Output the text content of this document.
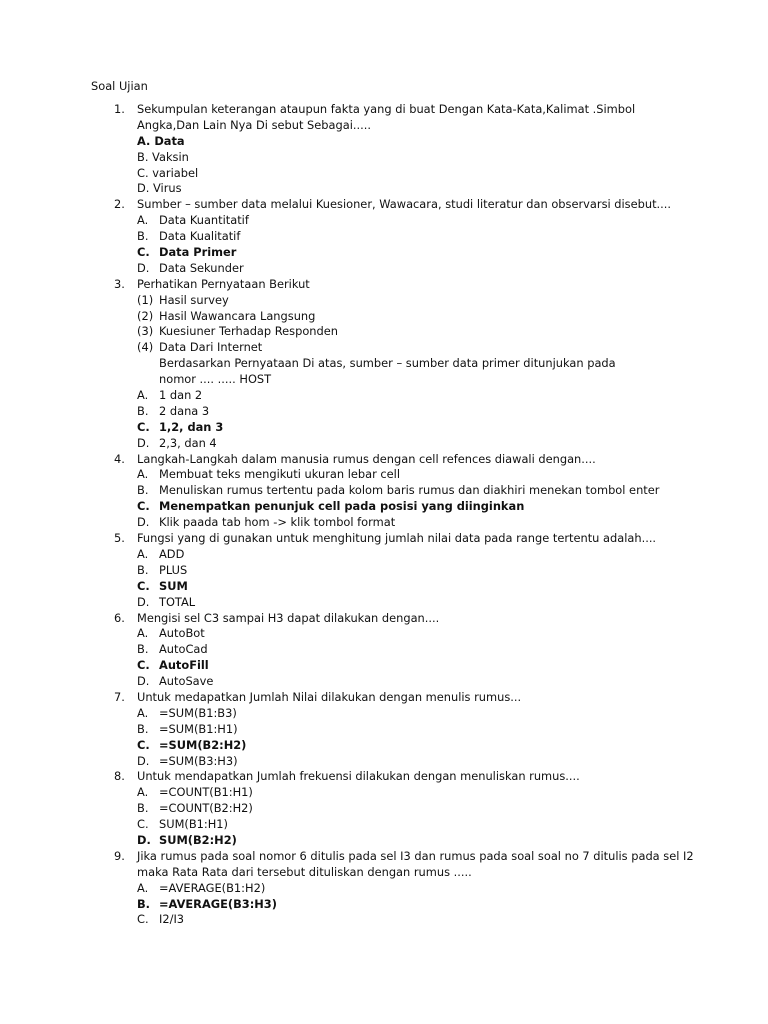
Soal Ujian
1. Sekumpulan keterangan ataupun fakta yang di buat Dengan Kata-Kata,Kalimat .Simbol
Angka,Dan Lain Nya Di sebut Sebagai.....
A. Data
B. Vaksin
C. variabel
D. Virus
2. Sumber – sumber data melalui Kuesioner, Wawacara, studi literatur dan observarsi disebut....
A. Data Kuantitatif
B. Data Kualitatif
C. Data Primer
D. Data Sekunder
3. Perhatikan Pernyataan Berikut
(1) Hasil survey
(2) Hasil Wawancara Langsung
(3) Kuesiuner Terhadap Responden
(4) Data Dari Internet
Berdasarkan Pernyataan Di atas, sumber – sumber data primer ditunjukan pada
nomor .... ..... HOST
A. 1 dan 2
B. 2 dana 3
C. 1,2, dan 3
D. 2,3, dan 4
4. Langkah-Langkah dalam manusia rumus dengan cell refences diawali dengan....
A. Membuat teks mengikuti ukuran lebar cell
B. Menuliskan rumus tertentu pada kolom baris rumus dan diakhiri menekan tombol enter
C. Menempatkan penunjuk cell pada posisi yang diinginkan
D. Klik paada tab hom -> klik tombol format
5. Fungsi yang di gunakan untuk menghitung jumlah nilai data pada range tertentu adalah....
A. ADD
B. PLUS
C. SUM
D. TOTAL
6. Mengisi sel C3 sampai H3 dapat dilakukan dengan....
A. AutoBot
B. AutoCad
C. AutoFill
D. AutoSave
7. Untuk medapatkan Jumlah Nilai dilakukan dengan menulis rumus...
A. =SUM(B1:B3)
B. =SUM(B1:H1)
C. =SUM(B2:H2)
D. =SUM(B3:H3)
8. Untuk mendapatkan Jumlah frekuensi dilakukan dengan menuliskan rumus....
A. =COUNT(B1:H1)
B. =COUNT(B2:H2)
C. SUM(B1:H1)
D. SUM(B2:H2)
9. Jika rumus pada soal nomor 6 ditulis pada sel I3 dan rumus pada soal soal no 7 ditulis pada sel I2
maka Rata Rata dari tersebut dituliskan dengan rumus .....
A. =AVERAGE(B1:H2)
B. =AVERAGE(B3:H3)
C. I2/I3
